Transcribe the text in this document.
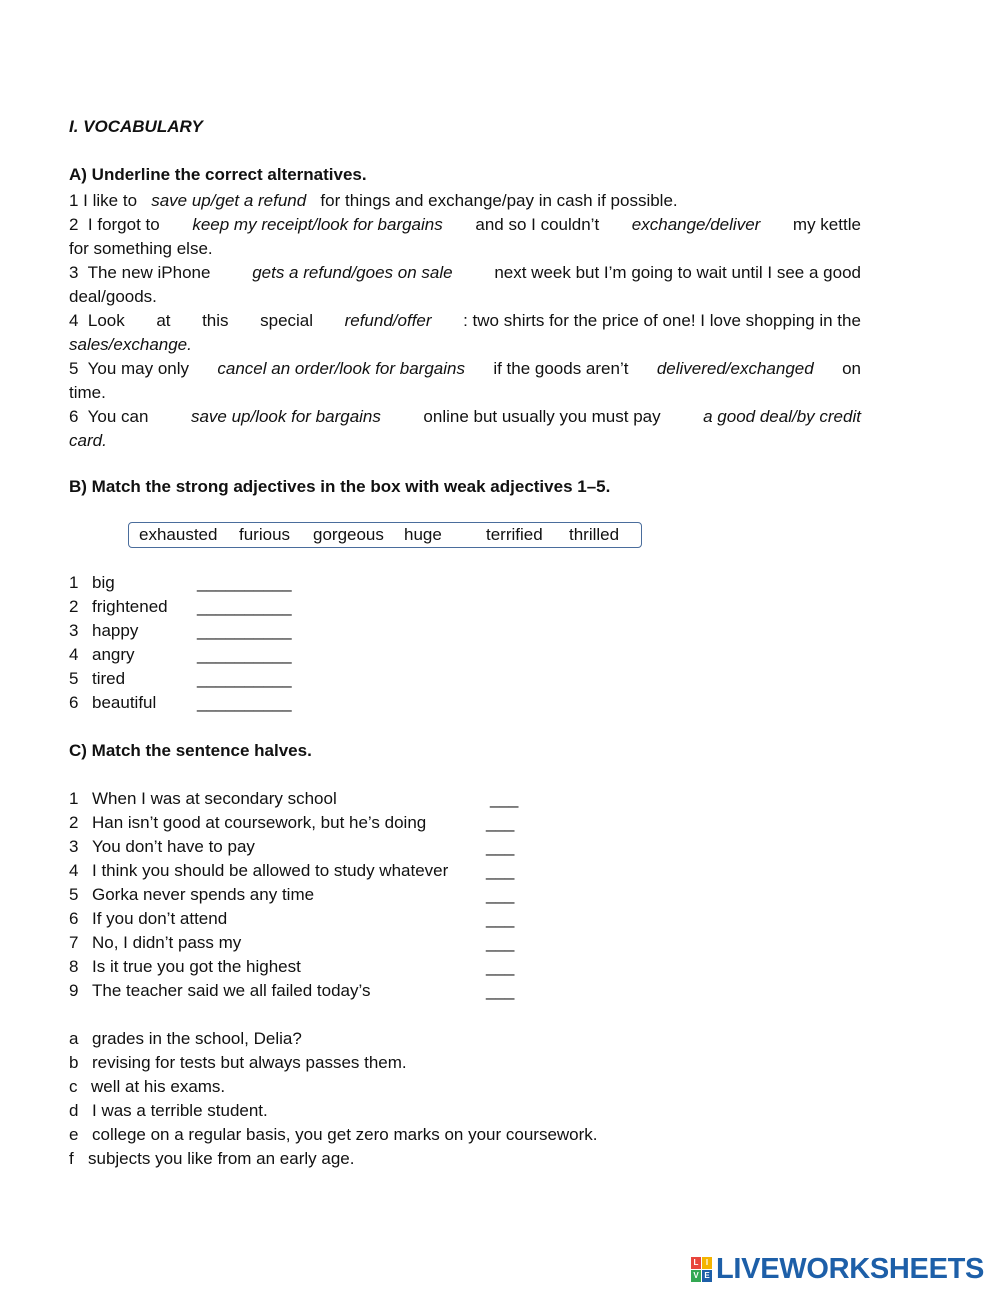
I. VOCABULARY
A) Underline the correct alternatives.
1 I like to save up/get a refund for things and exchange/pay in cash if possible.
2  I forgot to keep my receipt/look for bargains and so I couldn’t exchange/deliver my kettle
for something else.
3  The new iPhone gets a refund/goes on sale next week but I’m going to wait until I see a good
deal/goods.
4  Look at this special refund/offer : two shirts for the price of one! I love shopping in the
sales/exchange.
5  You may only cancel an order/look for bargains if the goods aren’t delivered/exchanged on
time.
6  You can	save up/look for bargains	online but usually you must pay	a good deal/by credit
card.
B) Match the strong adjectives in the box with weak adjectives 1–5.
exhausted furious gorgeous huge	terrified thrilled
1 big	__________
2 frightened __________
3 happy	__________
4 angry	__________
5 tired	__________
6 beautiful __________
C) Match the sentence halves.
1 When I was at secondary school	___
2 Han isn’t good at coursework, but he’s doing	___
3 You don’t have to pay	___
4 I think you should be allowed to study whatever ___
5 Gorka never spends any time	___
6 If you don’t attend	___
7 No, I didn’t pass my	___
8 Is it true you got the highest	___
9 The teacher said we all failed today’s	___
a grades in the school, Delia?
b revising for tests but always passes them.
c well at his exams.
d I was a terrible student.
e college on a regular basis, you get zero marks on your coursework.
f subjects you like from an early age.
L I
V E LIVEWORKSHEETS
